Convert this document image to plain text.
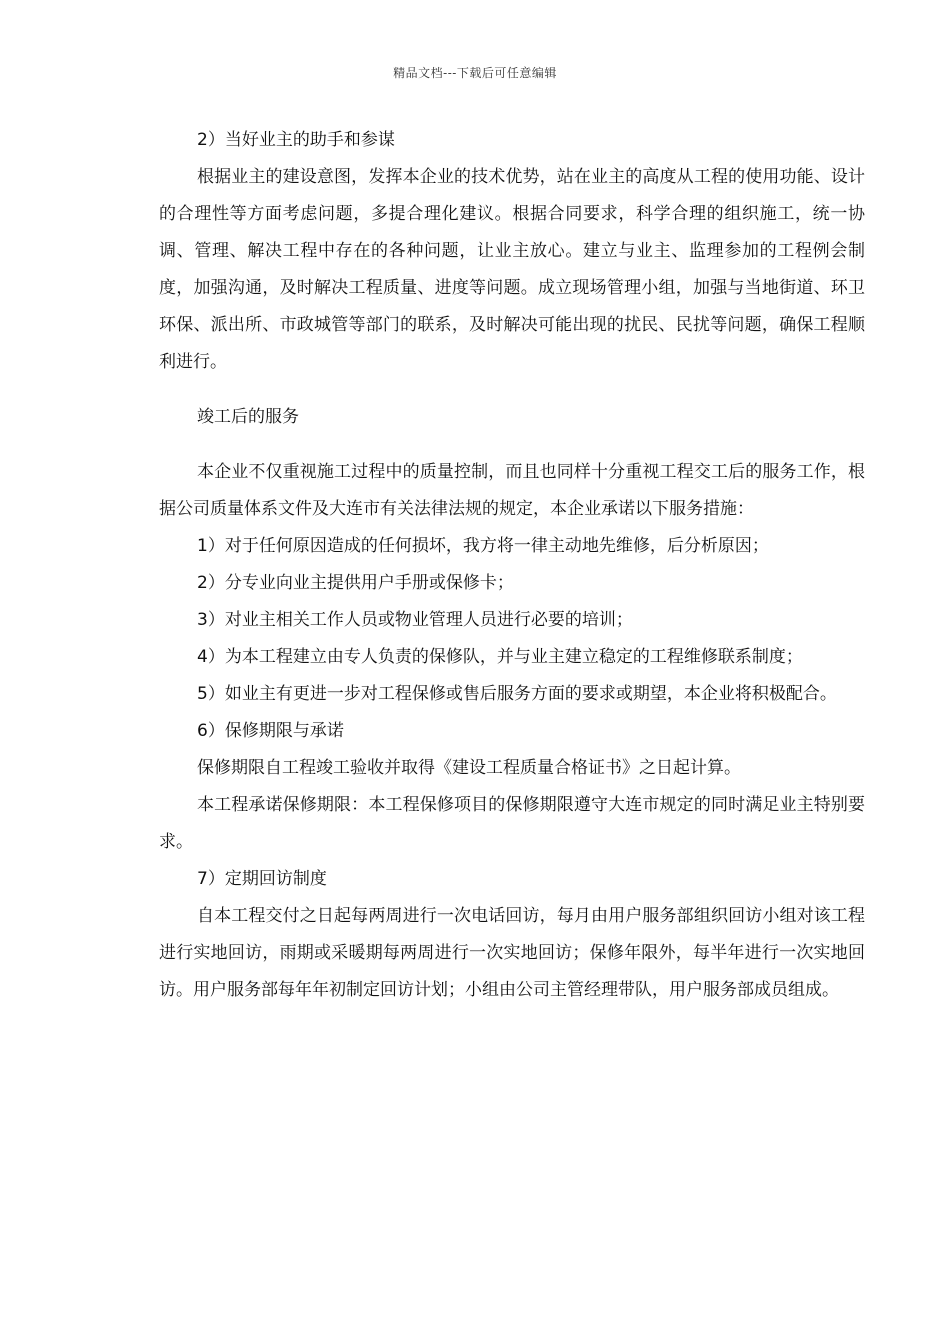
精品文档---下载后可任意编辑

2）当好业主的助手和参谋

根据业主的建设意图，发挥本企业的技术优势，站在业主的高度从工程的使用功能、设计的合理性等方面考虑问题，多提合理化建议。根据合同要求，科学合理的组织施工，统一协调、管理、解决工程中存在的各种问题，让业主放心。建立与业主、监理参加的工程例会制度，加强沟通，及时解决工程质量、进度等问题。成立现场管理小组，加强与当地街道、环卫环保、派出所、市政城管等部门的联系，及时解决可能出现的扰民、民扰等问题，确保工程顺利进行。

竣工后的服务

本企业不仅重视施工过程中的质量控制，而且也同样十分重视工程交工后的服务工作，根据公司质量体系文件及大连市有关法律法规的规定，本企业承诺以下服务措施：

1）对于任何原因造成的任何损坏，我方将一律主动地先维修，后分析原因；

2）分专业向业主提供用户手册或保修卡；

3）对业主相关工作人员或物业管理人员进行必要的培训；

4）为本工程建立由专人负责的保修队，并与业主建立稳定的工程维修联系制度；

5）如业主有更进一步对工程保修或售后服务方面的要求或期望，本企业将积极配合。

6）保修期限与承诺

保修期限自工程竣工验收并取得《建设工程质量合格证书》之日起计算。

本工程承诺保修期限：本工程保修项目的保修期限遵守大连市规定的同时满足业主特别要求。

7）定期回访制度

自本工程交付之日起每两周进行一次电话回访，每月由用户服务部组织回访小组对该工程进行实地回访，雨期或采暖期每两周进行一次实地回访；保修年限外，每半年进行一次实地回访。用户服务部每年年初制定回访计划；小组由公司主管经理带队，用户服务部成员组成。
